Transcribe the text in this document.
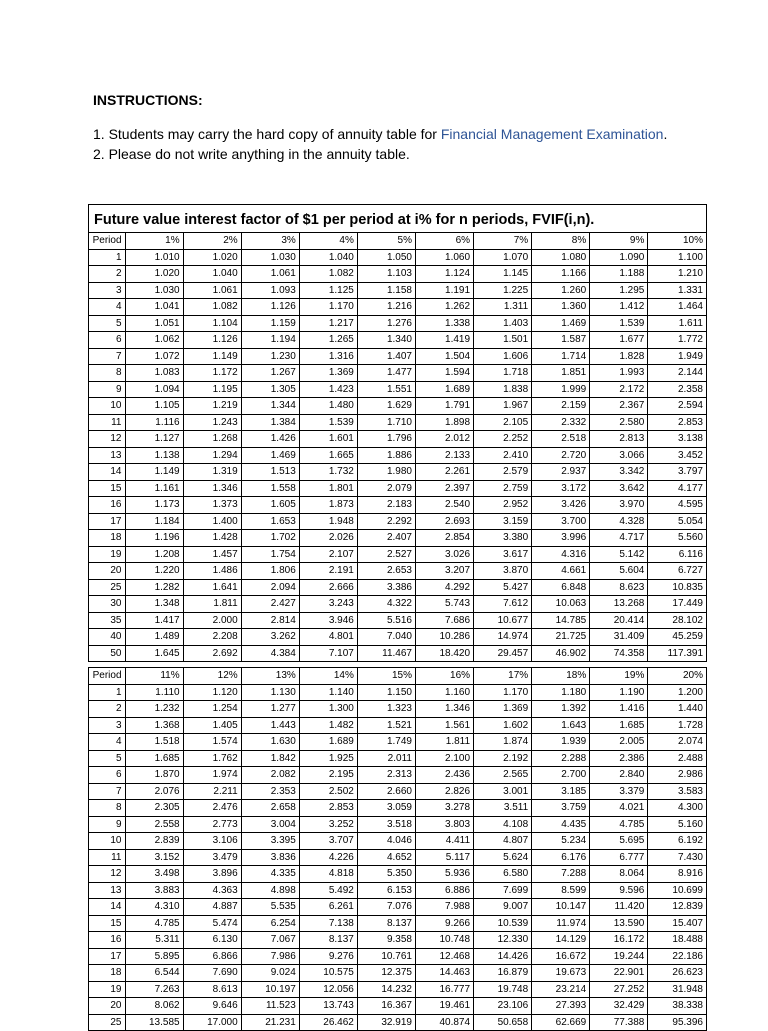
INSTRUCTIONS:

1. Students may carry the hard copy of annuity table for Financial Management Examination.

2. Please do not write anything in the annuity table.

Future value interest factor of $1 per period at i% for n periods, FVIF(i,n).
Period	1%	2%	3%	4%	5%	6%	7%	8%	9%	10%
1	1.010	1.020	1.030	1.040	1.050	1.060	1.070	1.080	1.090	1.100
2	1.020	1.040	1.061	1.082	1.103	1.124	1.145	1.166	1.188	1.210
3	1.030	1.061	1.093	1.125	1.158	1.191	1.225	1.260	1.295	1.331
4	1.041	1.082	1.126	1.170	1.216	1.262	1.311	1.360	1.412	1.464
5	1.051	1.104	1.159	1.217	1.276	1.338	1.403	1.469	1.539	1.611
6	1.062	1.126	1.194	1.265	1.340	1.419	1.501	1.587	1.677	1.772
7	1.072	1.149	1.230	1.316	1.407	1.504	1.606	1.714	1.828	1.949
8	1.083	1.172	1.267	1.369	1.477	1.594	1.718	1.851	1.993	2.144
9	1.094	1.195	1.305	1.423	1.551	1.689	1.838	1.999	2.172	2.358
10	1.105	1.219	1.344	1.480	1.629	1.791	1.967	2.159	2.367	2.594
11	1.116	1.243	1.384	1.539	1.710	1.898	2.105	2.332	2.580	2.853
12	1.127	1.268	1.426	1.601	1.796	2.012	2.252	2.518	2.813	3.138
13	1.138	1.294	1.469	1.665	1.886	2.133	2.410	2.720	3.066	3.452
14	1.149	1.319	1.513	1.732	1.980	2.261	2.579	2.937	3.342	3.797
15	1.161	1.346	1.558	1.801	2.079	2.397	2.759	3.172	3.642	4.177
16	1.173	1.373	1.605	1.873	2.183	2.540	2.952	3.426	3.970	4.595
17	1.184	1.400	1.653	1.948	2.292	2.693	3.159	3.700	4.328	5.054
18	1.196	1.428	1.702	2.026	2.407	2.854	3.380	3.996	4.717	5.560
19	1.208	1.457	1.754	2.107	2.527	3.026	3.617	4.316	5.142	6.116
20	1.220	1.486	1.806	2.191	2.653	3.207	3.870	4.661	5.604	6.727
25	1.282	1.641	2.094	2.666	3.386	4.292	5.427	6.848	8.623	10.835
30	1.348	1.811	2.427	3.243	4.322	5.743	7.612	10.063	13.268	17.449
35	1.417	2.000	2.814	3.946	5.516	7.686	10.677	14.785	20.414	28.102
40	1.489	2.208	3.262	4.801	7.040	10.286	14.974	21.725	31.409	45.259
50	1.645	2.692	4.384	7.107	11.467	18.420	29.457	46.902	74.358	117.391
Period	11%	12%	13%	14%	15%	16%	17%	18%	19%	20%
1	1.110	1.120	1.130	1.140	1.150	1.160	1.170	1.180	1.190	1.200
2	1.232	1.254	1.277	1.300	1.323	1.346	1.369	1.392	1.416	1.440
3	1.368	1.405	1.443	1.482	1.521	1.561	1.602	1.643	1.685	1.728
4	1.518	1.574	1.630	1.689	1.749	1.811	1.874	1.939	2.005	2.074
5	1.685	1.762	1.842	1.925	2.011	2.100	2.192	2.288	2.386	2.488
6	1.870	1.974	2.082	2.195	2.313	2.436	2.565	2.700	2.840	2.986
7	2.076	2.211	2.353	2.502	2.660	2.826	3.001	3.185	3.379	3.583
8	2.305	2.476	2.658	2.853	3.059	3.278	3.511	3.759	4.021	4.300
9	2.558	2.773	3.004	3.252	3.518	3.803	4.108	4.435	4.785	5.160
10	2.839	3.106	3.395	3.707	4.046	4.411	4.807	5.234	5.695	6.192
11	3.152	3.479	3.836	4.226	4.652	5.117	5.624	6.176	6.777	7.430
12	3.498	3.896	4.335	4.818	5.350	5.936	6.580	7.288	8.064	8.916
13	3.883	4.363	4.898	5.492	6.153	6.886	7.699	8.599	9.596	10.699
14	4.310	4.887	5.535	6.261	7.076	7.988	9.007	10.147	11.420	12.839
15	4.785	5.474	6.254	7.138	8.137	9.266	10.539	11.974	13.590	15.407
16	5.311	6.130	7.067	8.137	9.358	10.748	12.330	14.129	16.172	18.488
17	5.895	6.866	7.986	9.276	10.761	12.468	14.426	16.672	19.244	22.186
18	6.544	7.690	9.024	10.575	12.375	14.463	16.879	19.673	22.901	26.623
19	7.263	8.613	10.197	12.056	14.232	16.777	19.748	23.214	27.252	31.948
20	8.062	9.646	11.523	13.743	16.367	19.461	23.106	27.393	32.429	38.338
25	13.585	17.000	21.231	26.462	32.919	40.874	50.658	62.669	77.388	95.396
